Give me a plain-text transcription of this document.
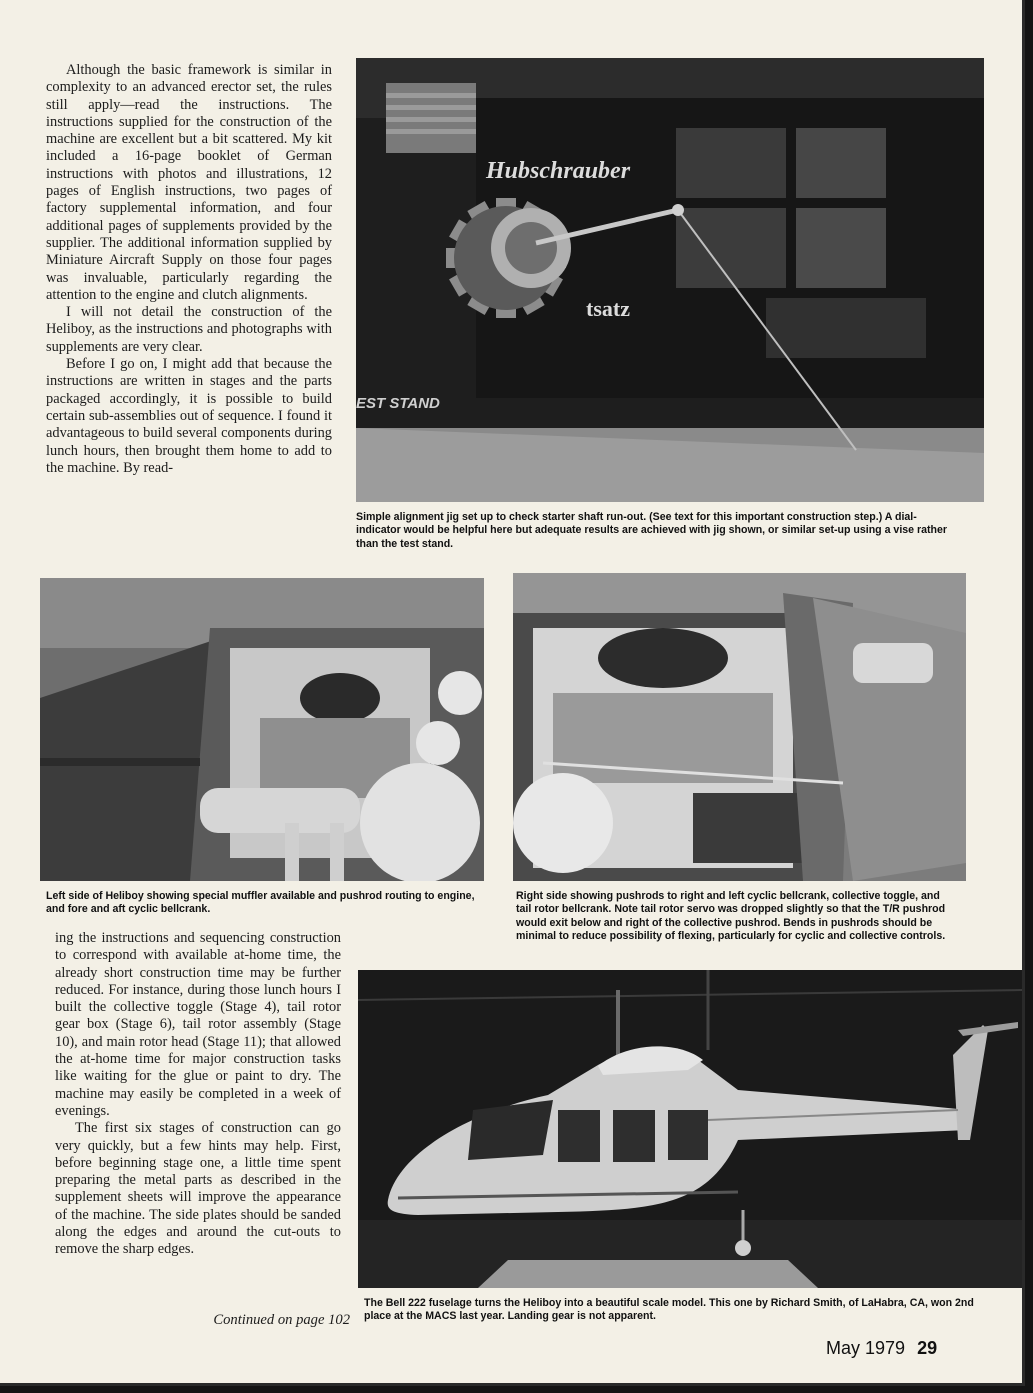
Although the basic framework is similar in complexity to an advanced erector set, the rules still apply—read the instructions. The instructions supplied for the construction of the machine are excellent but a bit scattered. My kit included a 16-page booklet of German instructions with photos and illustrations, 12 pages of English instructions, two pages of factory supplemental information, and four additional pages of supplements provided by the supplier. The additional information supplied by Miniature Aircraft Supply on those four pages was invaluable, particularly regarding the attention to the engine and clutch alignments.

I will not detail the construction of the Heliboy, as the instructions and photographs with supplements are very clear.

Before I go on, I might add that because the instructions are written in stages and the parts packaged accordingly, it is possible to build certain sub-assemblies out of sequence. I found it advantageous to build several components during lunch hours, then brought them home to add to the machine. By read-

Hubschrauber
tsatz
EST STAND
Simple alignment jig set up to check starter shaft run-out. (See text for this important construction step.) A dial-indicator would be helpful here but adequate results are achieved with jig shown, or similar set-up using a vise rather than the test stand.
Left side of Heliboy showing special muffler available and pushrod routing to engine, and fore and aft cyclic bellcrank.
Right side showing pushrods to right and left cyclic bellcrank, collective toggle, and tail rotor bellcrank. Note tail rotor servo was dropped slightly so that the T/R pushrod would exit below and right of the collective pushrod. Bends in pushrods should be minimal to reduce possibility of flexing, particularly for cyclic and collective controls.

ing the instructions and sequencing construction to correspond with available at-home time, the already short construction time may be further reduced. For instance, during those lunch hours I built the collective toggle (Stage 4), tail rotor gear box (Stage 6), tail rotor assembly (Stage 10), and main rotor head (Stage 11); that allowed the at-home time for major construction tasks like waiting for the glue or paint to dry. The machine may easily be completed in a week of evenings.

The first six stages of construction can go very quickly, but a few hints may help. First, before beginning stage one, a little time spent preparing the metal parts as described in the supplement sheets will improve the appearance of the machine. The side plates should be sanded along the edges and around the cut-outs to remove the sharp edges.

Continued on page 102
The Bell 222 fuselage turns the Heliboy into a beautiful scale model. This one by Richard Smith, of LaHabra, CA, won 2nd place at the MACS last year. Landing gear is not apparent.
May 1979 29
